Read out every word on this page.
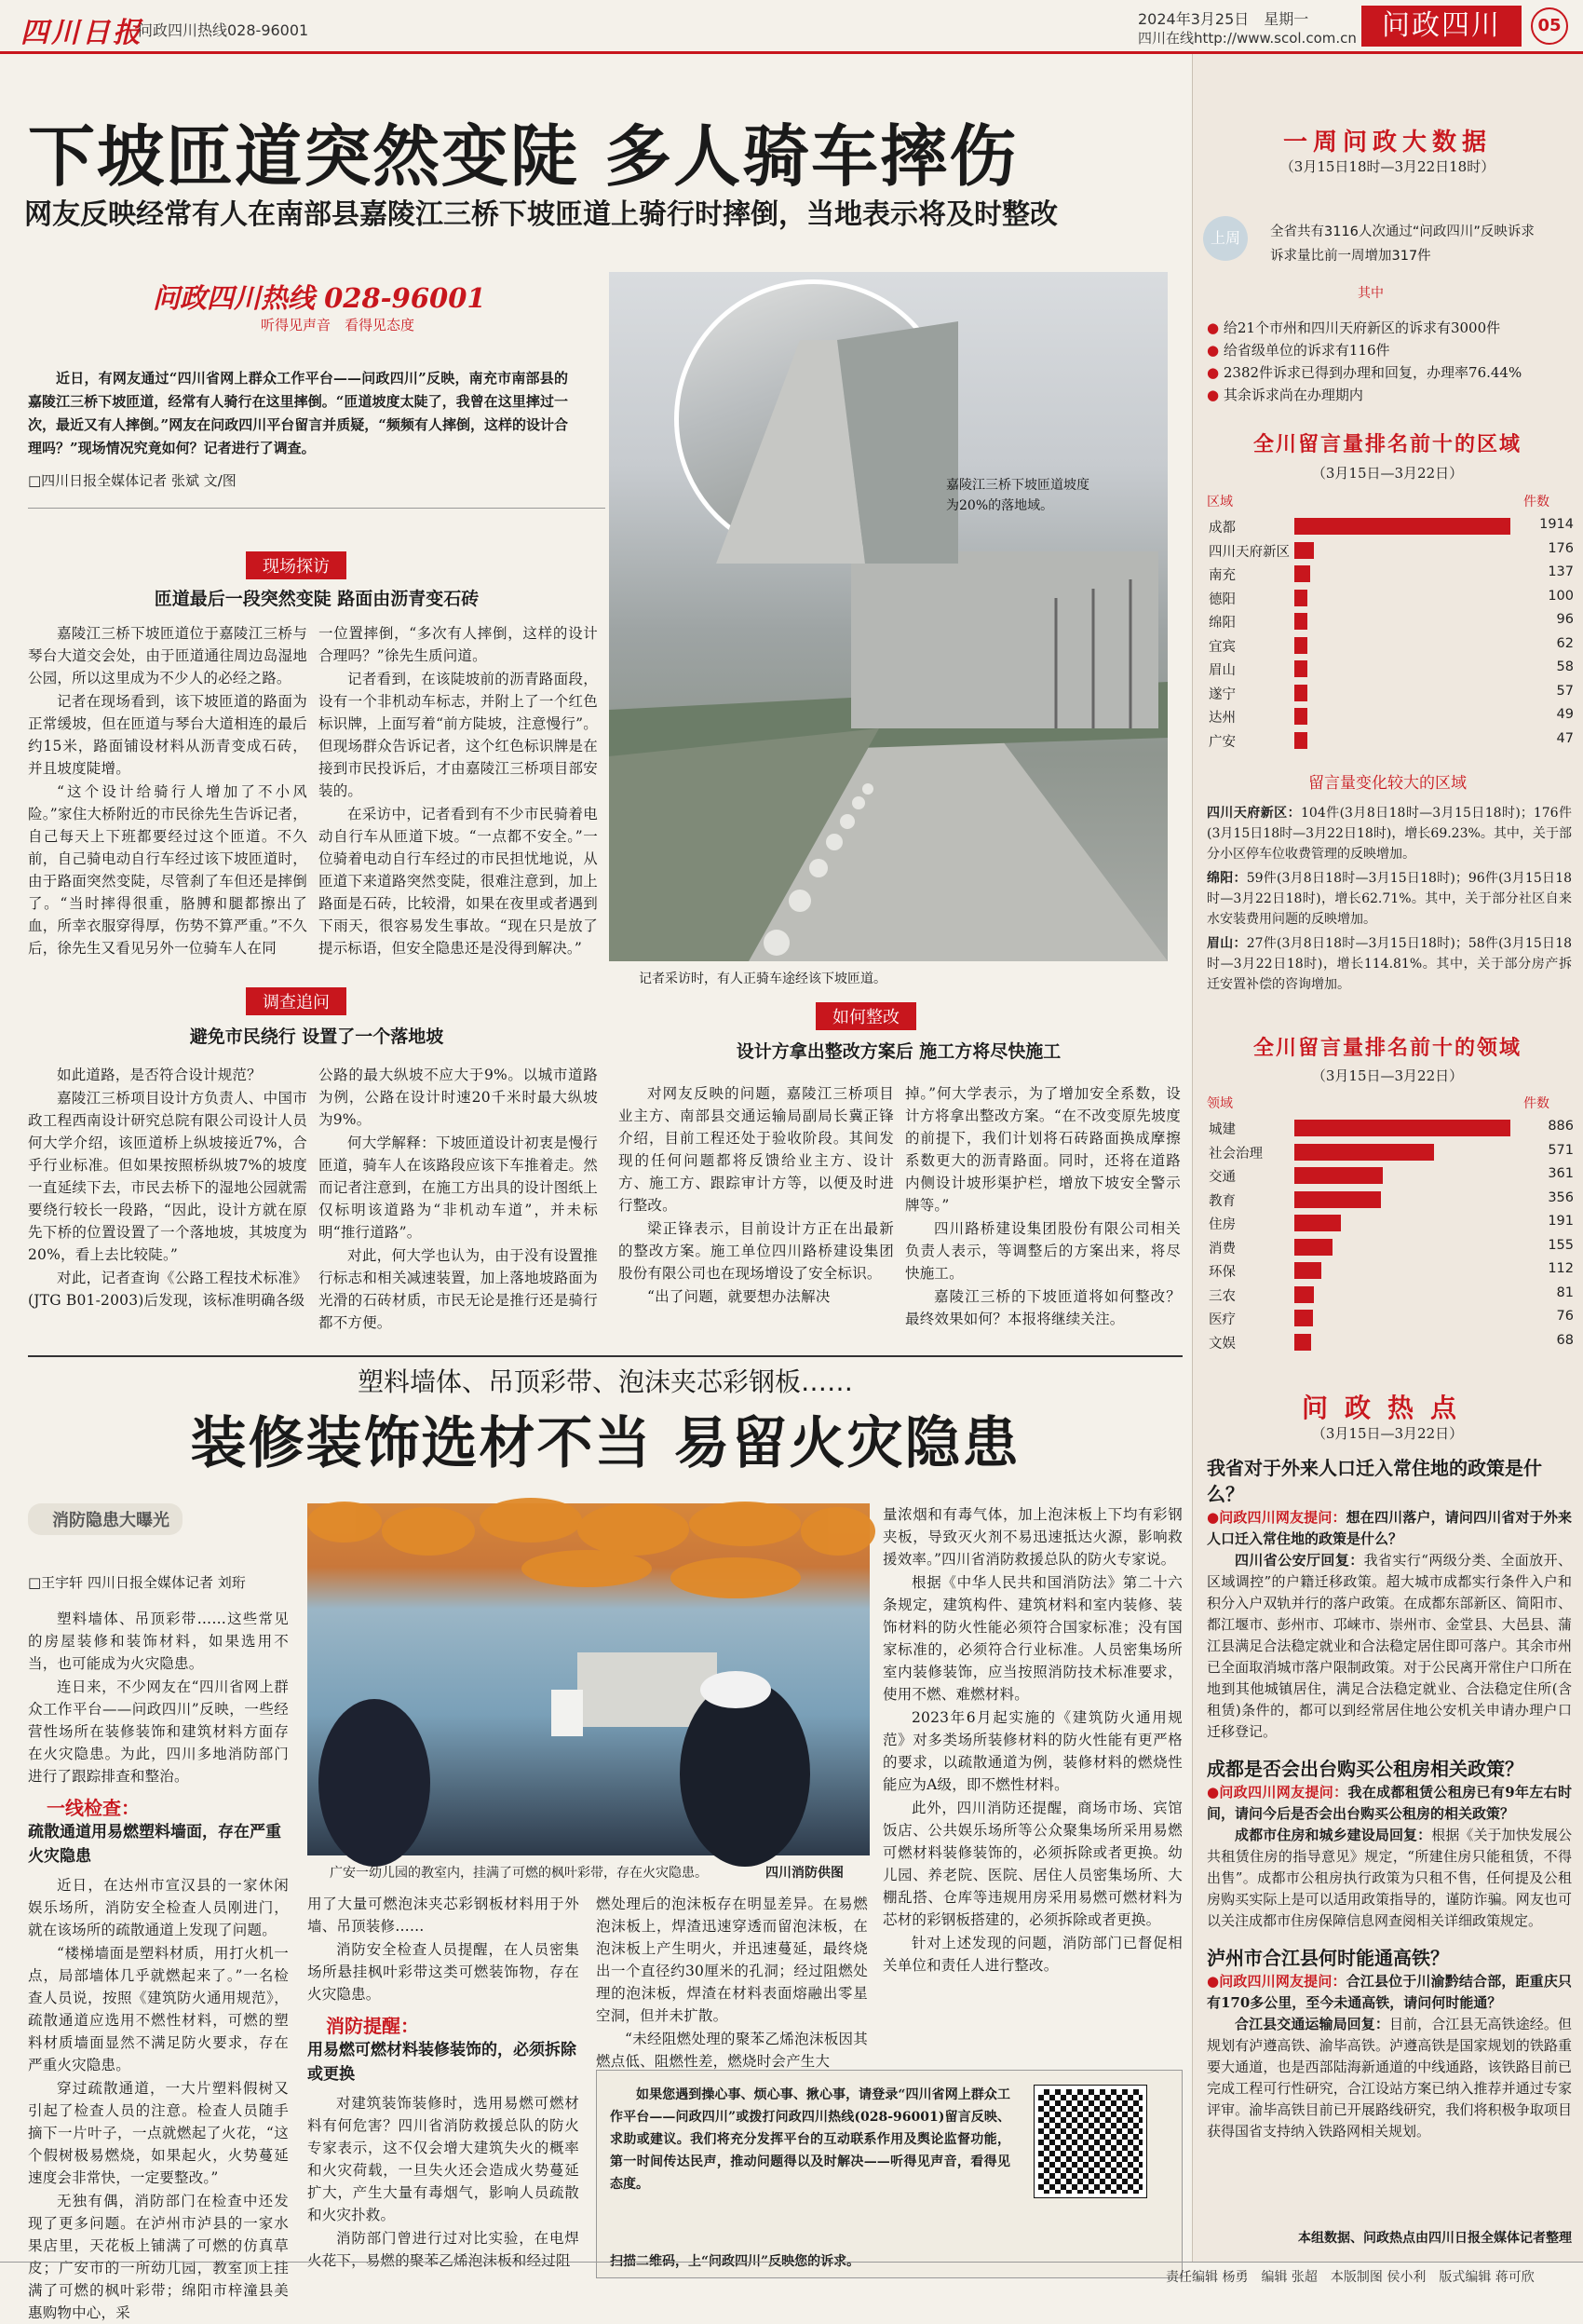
四川日报
问政四川热线028-96001
2024年3月25日　星期一
四川在线http://www.scol.com.cn 问政四川	05
下坡匝道突然变陡 多人骑车摔伤
网友反映经常有人在南部县嘉陵江三桥下坡匝道上骑行时摔倒，当地表示将及时整改
问政四川热线 028-96001
听得见声音　看得见态度
近日，有网友通过“四川省网上群众工作平台——问政四川”反映，南充市南部县的嘉陵江三桥下坡匝道，经常有人骑行在这里摔倒。“匝道坡度太陡了，我曾在这里摔过一次，最近又有人摔倒。”网友在问政四川平台留言并质疑，“频频有人摔倒，这样的设计合理吗？”现场情况究竟如何？记者进行了调查。
□四川日报全媒体记者 张斌 文/图	嘉陵江三桥下坡匝道坡度为20%的落地域。
记者采访时，有人正骑车途经该下坡匝道。
现场探访
匝道最后一段突然变陡 路面由沥青变石砖

嘉陵江三桥下坡匝道位于嘉陵江三桥与琴台大道交会处，由于匝道通往周边岛湿地公园，所以这里成为不少人的必经之路。

记者在现场看到，该下坡匝道的路面为正常缓坡，但在匝道与琴台大道相连的最后约15米，路面铺设材料从沥青变成石砖，并且坡度陡增。

“这个设计给骑行人增加了不小风险。”家住大桥附近的市民徐先生告诉记者，自己每天上下班都要经过这个匝道。不久前，自己骑电动自行车经过该下坡匝道时，由于路面突然变陡，尽管刹了车但还是摔倒了。“当时摔得很重，胳膊和腿都擦出了血，所幸衣服穿得厚，伤势不算严重。”不久后，徐先生又看见另外一位骑车人在同

一位置摔倒，“多次有人摔倒，这样的设计合理吗？”徐先生质问道。

记者看到，在该陡坡前的沥青路面段，设有一个非机动车标志，并附上了一个红色标识牌，上面写着“前方陡坡，注意慢行”。但现场群众告诉记者，这个红色标识牌是在接到市民投诉后，才由嘉陵江三桥项目部安装的。

在采访中，记者看到有不少市民骑着电动自行车从匝道下坡。“一点都不安全。”一位骑着电动自行车经过的市民担忧地说，从匝道下来道路突然变陡，很难注意到，加上路面是石砖，比较滑，如果在夜里或者遇到下雨天，很容易发生事故。“现在只是放了提示标语，但安全隐患还是没得到解决。”

调查追问
避免市民绕行 设置了一个落地坡

如此道路，是否符合设计规范？

嘉陵江三桥项目设计方负责人、中国市政工程西南设计研究总院有限公司设计人员何大学介绍，该匝道桥上纵坡接近7%，合乎行业标准。但如果按照桥纵坡7%的坡度一直延续下去，市民去桥下的湿地公园就需要绕行较长一段路，“因此，设计方就在原先下桥的位置设置了一个落地坡，其坡度为20%，看上去比较陡。”

对此，记者查询《公路工程技术标准》(JTG B01-2003)后发现，该标准明确各级

公路的最大纵坡不应大于9%。以城市道路为例，公路在设计时速20千米时最大纵坡为9%。

何大学解释：下坡匝道设计初衷是慢行匝道，骑车人在该路段应该下车推着走。然而记者注意到，在施工方出具的设计图纸上仅标明该道路为“非机动车道”，并未标明“推行道路”。

对此，何大学也认为，由于没有设置推行标志和相关减速装置，加上落地坡路面为光滑的石砖材质，市民无论是推行还是骑行都不方便。

如何整改
设计方拿出整改方案后 施工方将尽快施工

对网友反映的问题，嘉陵江三桥项目业主方、南部县交通运输局副局长冀正锋介绍，目前工程还处于验收阶段。其间发现的任何问题都将反馈给业主方、设计方、施工方、跟踪审计方等，以便及时进行整改。

梁正锋表示，目前设计方正在出最新的整改方案。施工单位四川路桥建设集团股份有限公司也在现场增设了安全标识。

“出了问题，就要想办法解决

掉。”何大学表示，为了增加安全系数，设计方将拿出整改方案。“在不改变原先坡度的前提下，我们计划将石砖路面换成摩擦系数更大的沥青路面。同时，还将在道路内侧设计坡形渠护栏，增放下坡安全警示牌等。”

四川路桥建设集团股份有限公司相关负责人表示，等调整后的方案出来，将尽快施工。

嘉陵江三桥的下坡匝道将如何整改？最终效果如何？本报将继续关注。

塑料墙体、吊顶彩带、泡沫夹芯彩钢板……
装修装饰选材不当 易留火灾隐患
消防隐患大曝光
□王宇轩 四川日报全媒体记者 刘珩

塑料墙体、吊顶彩带……这些常见的房屋装修和装饰材料，如果选用不当，也可能成为火灾隐患。

连日来，不少网友在“四川省网上群众工作平台——问政四川”反映，一些经营性场所在装修装饰和建筑材料方面存在火灾隐患。为此，四川多地消防部门进行了跟踪排查和整治。

一线检查：
疏散通道用易燃塑料墙面，存在严重火灾隐患

近日，在达州市宣汉县的一家休闲娱乐场所，消防安全检查人员刚进门，就在该场所的疏散通道上发现了问题。

“楼梯墙面是塑料材质，用打火机一点，局部墙体几乎就燃起来了。”一名检查人员说，按照《建筑防火通用规范》，疏散通道应选用不燃性材料，可燃的塑料材质墙面显然不满足防火要求，存在严重火灾隐患。

穿过疏散通道，一大片塑料假树又引起了检查人员的注意。检查人员随手摘下一片叶子，一点就燃起了火花，“这个假树极易燃烧，如果起火，火势蔓延速度会非常快，一定要整改。”

无独有偶，消防部门在检查中还发现了更多问题。在泸州市泸县的一家水果店里，天花板上铺满了可燃的仿真草皮；广安市的一所幼儿园，教室顶上挂满了可燃的枫叶彩带；绵阳市梓潼县美惠购物中心，采

广安一幼儿园的教室内，挂满了可燃的枫叶彩带，存在火灾隐患。	四川消防供图

用了大量可燃泡沫夹芯彩钢板材料用于外墙、吊顶装修……

消防安全检查人员提醒，在人员密集场所悬挂枫叶彩带这类可燃装饰物，存在火灾隐患。

消防提醒：
用易燃可燃材料装修装饰的，必须拆除或更换

对建筑装饰装修时，选用易燃可燃材料有何危害？四川省消防救援总队的防火专家表示，这不仅会增大建筑失火的概率和火灾荷载，一旦失火还会造成火势蔓延扩大，产生大量有毒烟气，影响人员疏散和火灾扑救。

消防部门曾进行过对比实验，在电焊火花下，易燃的聚苯乙烯泡沫板和经过阻

燃处理后的泡沫板存在明显差异。在易燃泡沫板上，焊渣迅速穿透而留泡沫板，在泡沫板上产生明火，并迅速蔓延，最终烧出一个直径约30厘米的孔洞；经过阻燃处理的泡沫板，焊渣在材料表面熔融出零星空洞，但并未扩散。

“未经阻燃处理的聚苯乙烯泡沫板因其燃点低、阻燃性差，燃烧时会产生大

量浓烟和有毒气体，加上泡沫板上下均有彩钢夹板，导致灭火剂不易迅速抵达火源，影响救援效率。”四川省消防救援总队的防火专家说。

根据《中华人民共和国消防法》第二十六条规定，建筑构件、建筑材料和室内装修、装饰材料的防火性能必须符合国家标准；没有国家标准的，必须符合行业标准。人员密集场所室内装修装饰，应当按照消防技术标准要求，使用不燃、难燃材料。

2023年6月起实施的《建筑防火通用规范》对多类场所装修材料的防火性能有更严格的要求，以疏散通道为例，装修材料的燃烧性能应为A级，即不燃性材料。

此外，四川消防还提醒，商场市场、宾馆饭店、公共娱乐场所等公众聚集场所采用易燃可燃材料装修装饰的，必须拆除或者更换。幼儿园、养老院、医院、居住人员密集场所、大棚乱搭、仓库等违规用房采用易燃可燃材料为芯材的彩钢板搭建的，必须拆除或者更换。

针对上述发现的问题，消防部门已督促相关单位和责任人进行整改。

如果您遇到操心事、烦心事、揪心事，请登录“四川省网上群众工作平台——问政四川”或拨打问政四川热线(028-96001)留言反映、求助或建议。我们将充分发挥平台的互动联系作用及舆论监督功能，第一时间传达民声，推动问题得以及时解决——听得见声音，看得见态度。
扫描二维码，上“问政四川”反映您的诉求。
一周问政大数据
（3月15日18时—3月22日18时）
上周	全省共有3116人次通过“问政四川”反映诉求 诉求量比前一周增加317件
其中
● 给21个市州和四川天府新区的诉求有3000件
● 给省级单位的诉求有116件
● 2382件诉求已得到办理和回复，办理率76.44%
● 其余诉求尚在办理期内
全川留言量排名前十的区域
（3月15日—3月22日）
区域	件数
成都	1914
四川天府新区	176
南充	137
德阳	100
绵阳	96
宜宾	62
眉山	58
遂宁	57
达州	49
广安	47
留言量变化较大的区域
四川天府新区：104件(3月8日18时—3月15日18时)；176件(3月15日18时—3月22日18时)，增长69.23%。其中，关于部分小区停车位收费管理的反映增加。
绵阳：59件(3月8日18时—3月15日18时)；96件(3月15日18时—3月22日18时)，增长62.71%。其中，关于部分社区自来水安装费用问题的反映增加。
眉山：27件(3月8日18时—3月15日18时)；58件(3月15日18时—3月22日18时)，增长114.81%。其中，关于部分房产拆迁安置补偿的咨询增加。
全川留言量排名前十的领域
（3月15日—3月22日）
领域	件数
城建	886
社会治理	571
交通	361
教育	356
住房	191
消费	155
环保	112
三农	81
医疗	76
文娱	68
问政热点
（3月15日—3月22日）
我省对于外来人口迁入常住地的政策是什么？
●问政四川网友提问：想在四川落户，请问四川省对于外来人口迁入常住地的政策是什么？
四川省公安厅回复：我省实行“两级分类、全面放开、区域调控”的户籍迁移政策。超大城市成都实行条件入户和积分入户双轨并行的落户政策。在成都东部新区、简阳市、都江堰市、彭州市、邛崃市、崇州市、金堂县、大邑县、蒲江县满足合法稳定就业和合法稳定居住即可落户。其余市州已全面取消城市落户限制政策。对于公民离开常住户口所在地到其他城镇居住，满足合法稳定就业、合法稳定住所(含租赁)条件的，都可以到经常居住地公安机关申请办理户口迁移登记。
成都是否会出台购买公租房相关政策？
●问政四川网友提问：我在成都租赁公租房已有9年左右时间，请问今后是否会出台购买公租房的相关政策？
成都市住房和城乡建设局回复：根据《关于加快发展公共租赁住房的指导意见》规定，“所建住房只能租赁，不得出售”。成都市公租房执行政策为只租不售，任何提及公租房购买实际上是可以适用政策指导的，谨防诈骗。网友也可以关注成都市住房保障信息网查阅相关详细政策规定。
泸州市合江县何时能通高铁？
●问政四川网友提问：合江县位于川渝黔结合部，距重庆只有170多公里，至今未通高铁，请问何时能通？
合江县交通运输局回复：目前，合江县无高铁途经。但规划有泸遵高铁、渝毕高铁。泸遵高铁是国家规划的铁路重要大通道，也是西部陆海新通道的中线通路，该铁路目前已完成工程可行性研究，合江设站方案已纳入推荐并通过专家评审。渝毕高铁目前已开展路线研究，我们将积极争取项目获得国省支持纳入铁路网相关规划。
本组数据、问政热点由四川日报全媒体记者整理
责任编辑 杨勇　编辑 张超　本版制图 侯小利　版式编辑 蒋可欣
